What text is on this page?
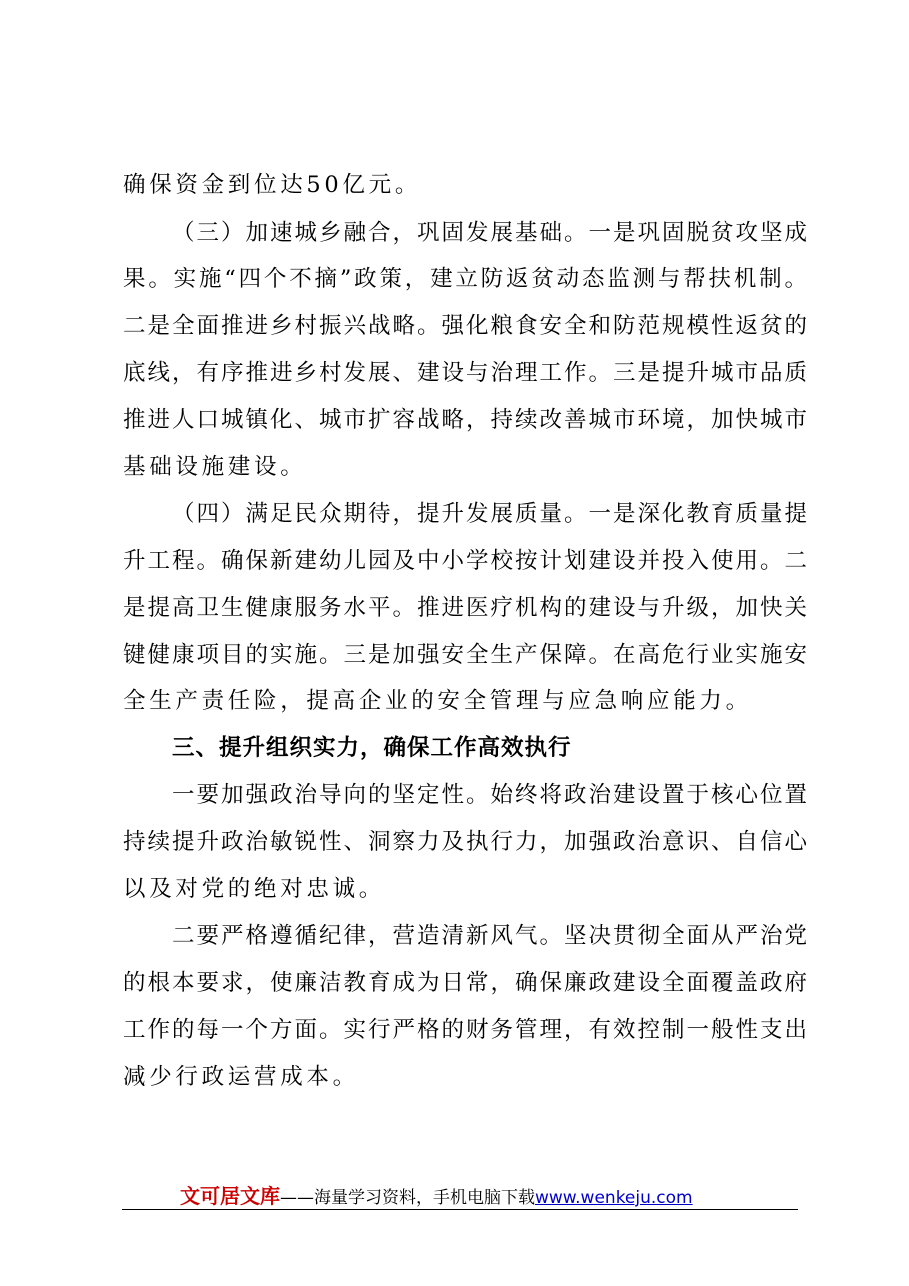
确保资金到位达50亿元。
（三）加速城乡融合，巩固发展基础。一是巩固脱贫攻坚成
果。实施“四个不摘”政策，建立防返贫动态监测与帮扶机制。
二是全面推进乡村振兴战略。强化粮食安全和防范规模性返贫的
底线，有序推进乡村发展、建设与治理工作。三是提升城市品质
推进人口城镇化、城市扩容战略，持续改善城市环境，加快城市
基础设施建设。
（四）满足民众期待，提升发展质量。一是深化教育质量提
升工程。确保新建幼儿园及中小学校按计划建设并投入使用。二
是提高卫生健康服务水平。推进医疗机构的建设与升级，加快关
键健康项目的实施。三是加强安全生产保障。在高危行业实施安
全生产责任险，提高企业的安全管理与应急响应能力。
三、提升组织实力，确保工作高效执行
一要加强政治导向的坚定性。始终将政治建设置于核心位置
持续提升政治敏锐性、洞察力及执行力，加强政治意识、自信心
以及对党的绝对忠诚。
二要严格遵循纪律，营造清新风气。坚决贯彻全面从严治党
的根本要求，使廉洁教育成为日常，确保廉政建设全面覆盖政府
工作的每一个方面。实行严格的财务管理，有效控制一般性支出
减少行政运营成本。
文可居文库——海量学习资料，手机电脑下载www.wenkeju.com
